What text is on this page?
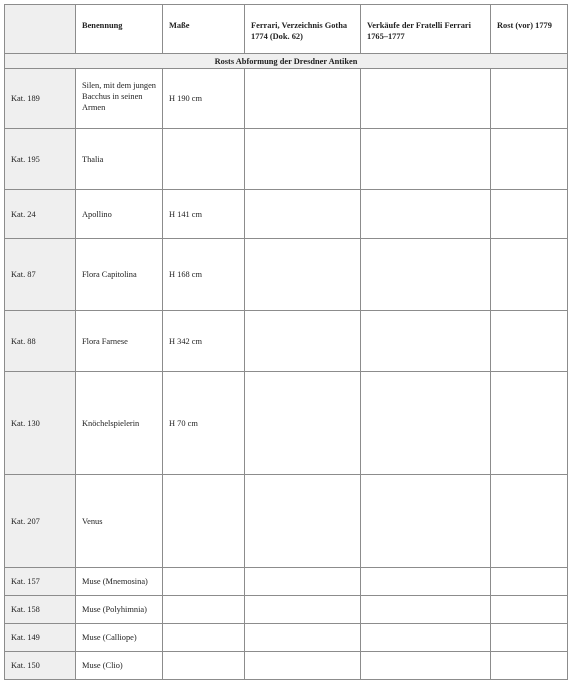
	Benennung	Maße	Ferrari, Verzeichnis Gotha 1774 (Dok. 62)	Verkäufe der Fratelli Ferrari 1765–1777	Rost (vor) 1779
Rosts Abformung der Dresdner Antiken					
Kat. 189	Silen, mit dem jungen Bacchus in seinen Armen	H 190 cm			
Kat. 195	Thalia				
Kat. 24	Apollino	H 141 cm			
Kat. 87	Flora Capitolina	H 168 cm			
Kat. 88	Flora Farnese	H 342 cm			
Kat. 130	Knöchelspielerin	H 70 cm			
Kat. 207	Venus				
Kat. 157	Muse (Mnemosina)				
Kat. 158	Muse (Polyhimnia)				
Kat. 149	Muse (Calliope)				
Kat. 150	Muse (Clio)				
